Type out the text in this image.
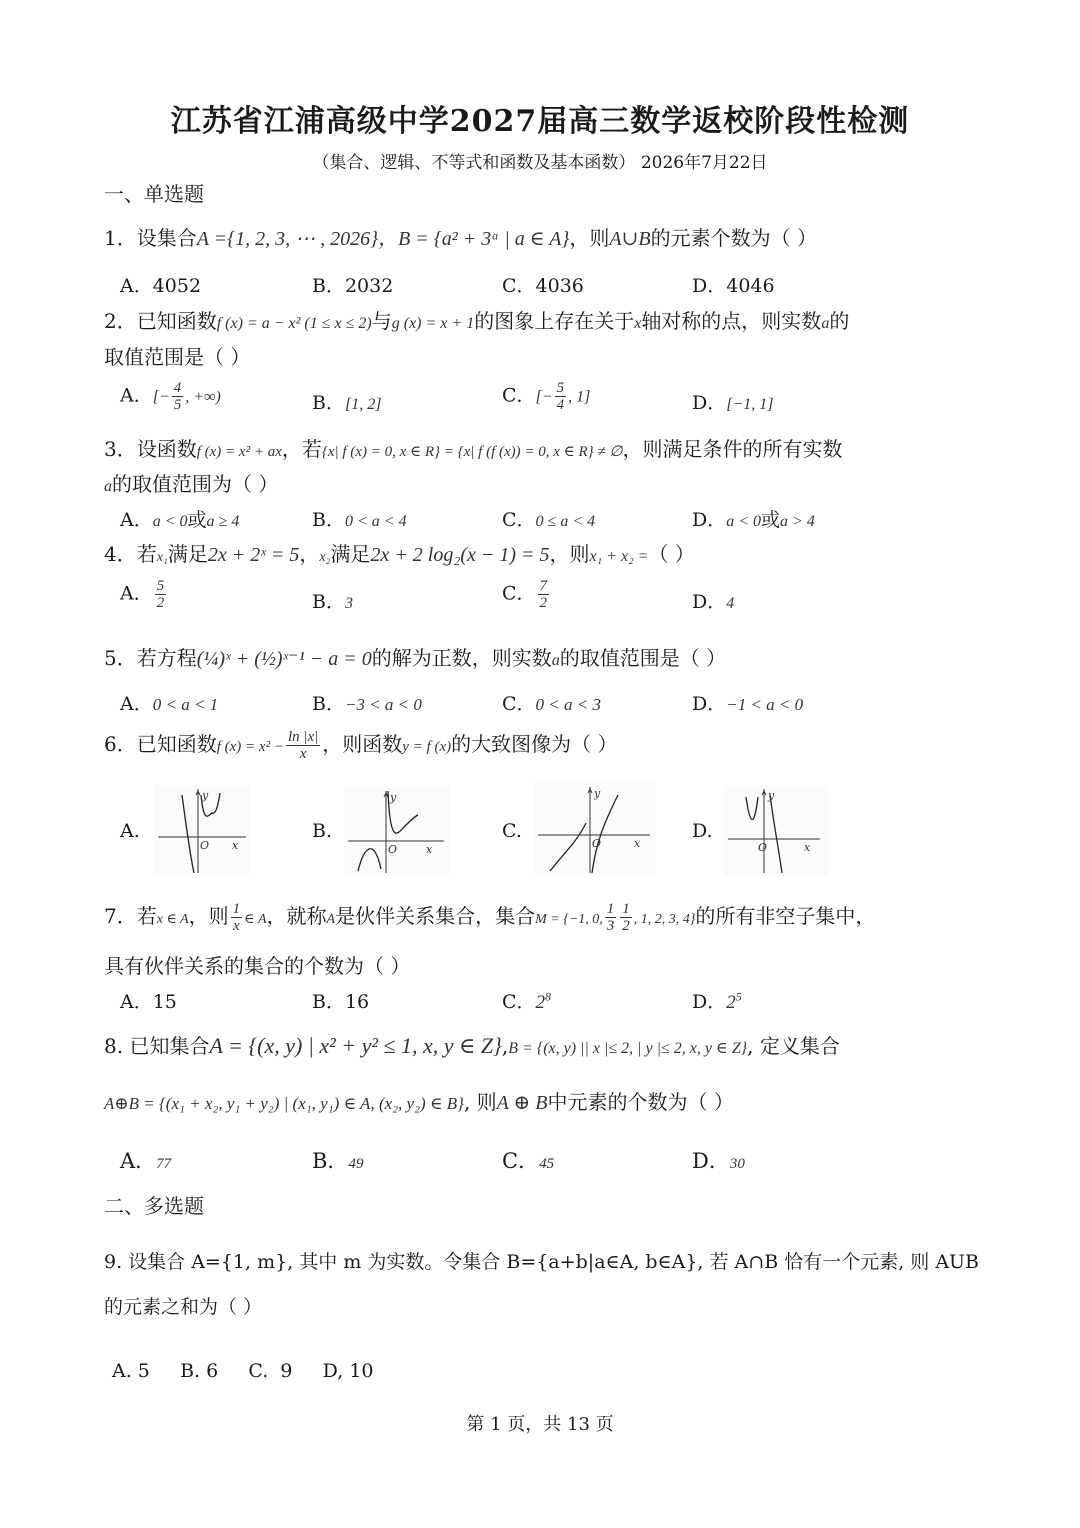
江苏省江浦高级中学2027届高三数学返校阶段性检测
（集合、逻辑、不等式和函数及基本函数） 2026年7月22日
一、单选题
1．设集合A ={1, 2, 3, ⋯ , 2026}，B = {a² + 3ᵃ | a ∈ A}，则A∪B的元素个数为（ ）
A．4052	B．2032	C．4036	D．4046
2．已知函数f (x) = a − x² (1 ≤ x ≤ 2)与g (x) = x + 1的图象上存在关于x轴对称的点，则实数a的
取值范围是（ ）
A．[− $\frac{4}{5}$ , +∞)	B．[1, 2]	C．[− $\frac{5}{4}$ , 1]	D．[−1, 1]
3．设函数f (x) = x² + ax，若{x| f (x) = 0, x ∈ R} = {x| f (f (x)) = 0, x ∈ R} ≠ ∅，则满足条件的所有实数
a的取值范围为（ ）
A．a < 0或a ≥ 4	B．0 < a < 4	C．0 ≤ a < 4	D．a < 0或a > 4
4．若x₁满足2x + 2ˣ = 5，x₂满足2x + 2 log₂(x − 1) = 5，则x₁ + x₂ =（ ）
A． $\frac{5}{2}$	B．3	C． $\frac{7}{2}$	D．4
5．若方程(¼)ˣ + (½)ˣ⁻¹ − a = 0的解为正数，则实数a的取值范围是（ ）
A．0 < a < 1	B．−3 < a < 0	C．0 < a < 3	D．−1 < a < 0
6．已知函数f $(x) = x^2 - \frac{\ln |x|}{x}$ ，则函数y = f (x)的大致图像为（ ）
A.	B.	C.	D.
y
O x
y
O	x
y
O	x
y
O	x
7．若x ∈ A，则 $\frac{1}{x}$ ∈ A，就称A是伙伴关系集合，集合M = {−1, 0, $\frac{1}{3} \frac{1}{2}$ , 1, 2, 3, 4}的所有非空子集中，
具有伙伴关系的集合的个数为（ ）
A．15	B．16	C．$2^8$	D．$2^5$
8. 已知集合A = {(x, y) | x² + y² ≤ 1, x, y ∈ Z},B = {(x, y) || x |≤ 2, | y |≤ 2, x, y ∈ Z}, 定义集合
A⊕B = {(x₁ + x₂, y₁ + y₂) | (x₁, y₁) ∈ A, (x₂, y₂) ∈ B}, 则A ⊕ B中元素的个数为（ ）
A．77	B．49	C．45	D．30
二、多选题
9. 设集合 A={1, m}, 其中 m 为实数。令集合 B={a+b|a∈A, b∈A}, 若 A∩B 恰有一个元素, 则 AUB
的元素之和为（ ）
A. 5     B. 6     C.  9     D, 10
第 1 页，共 13 页
